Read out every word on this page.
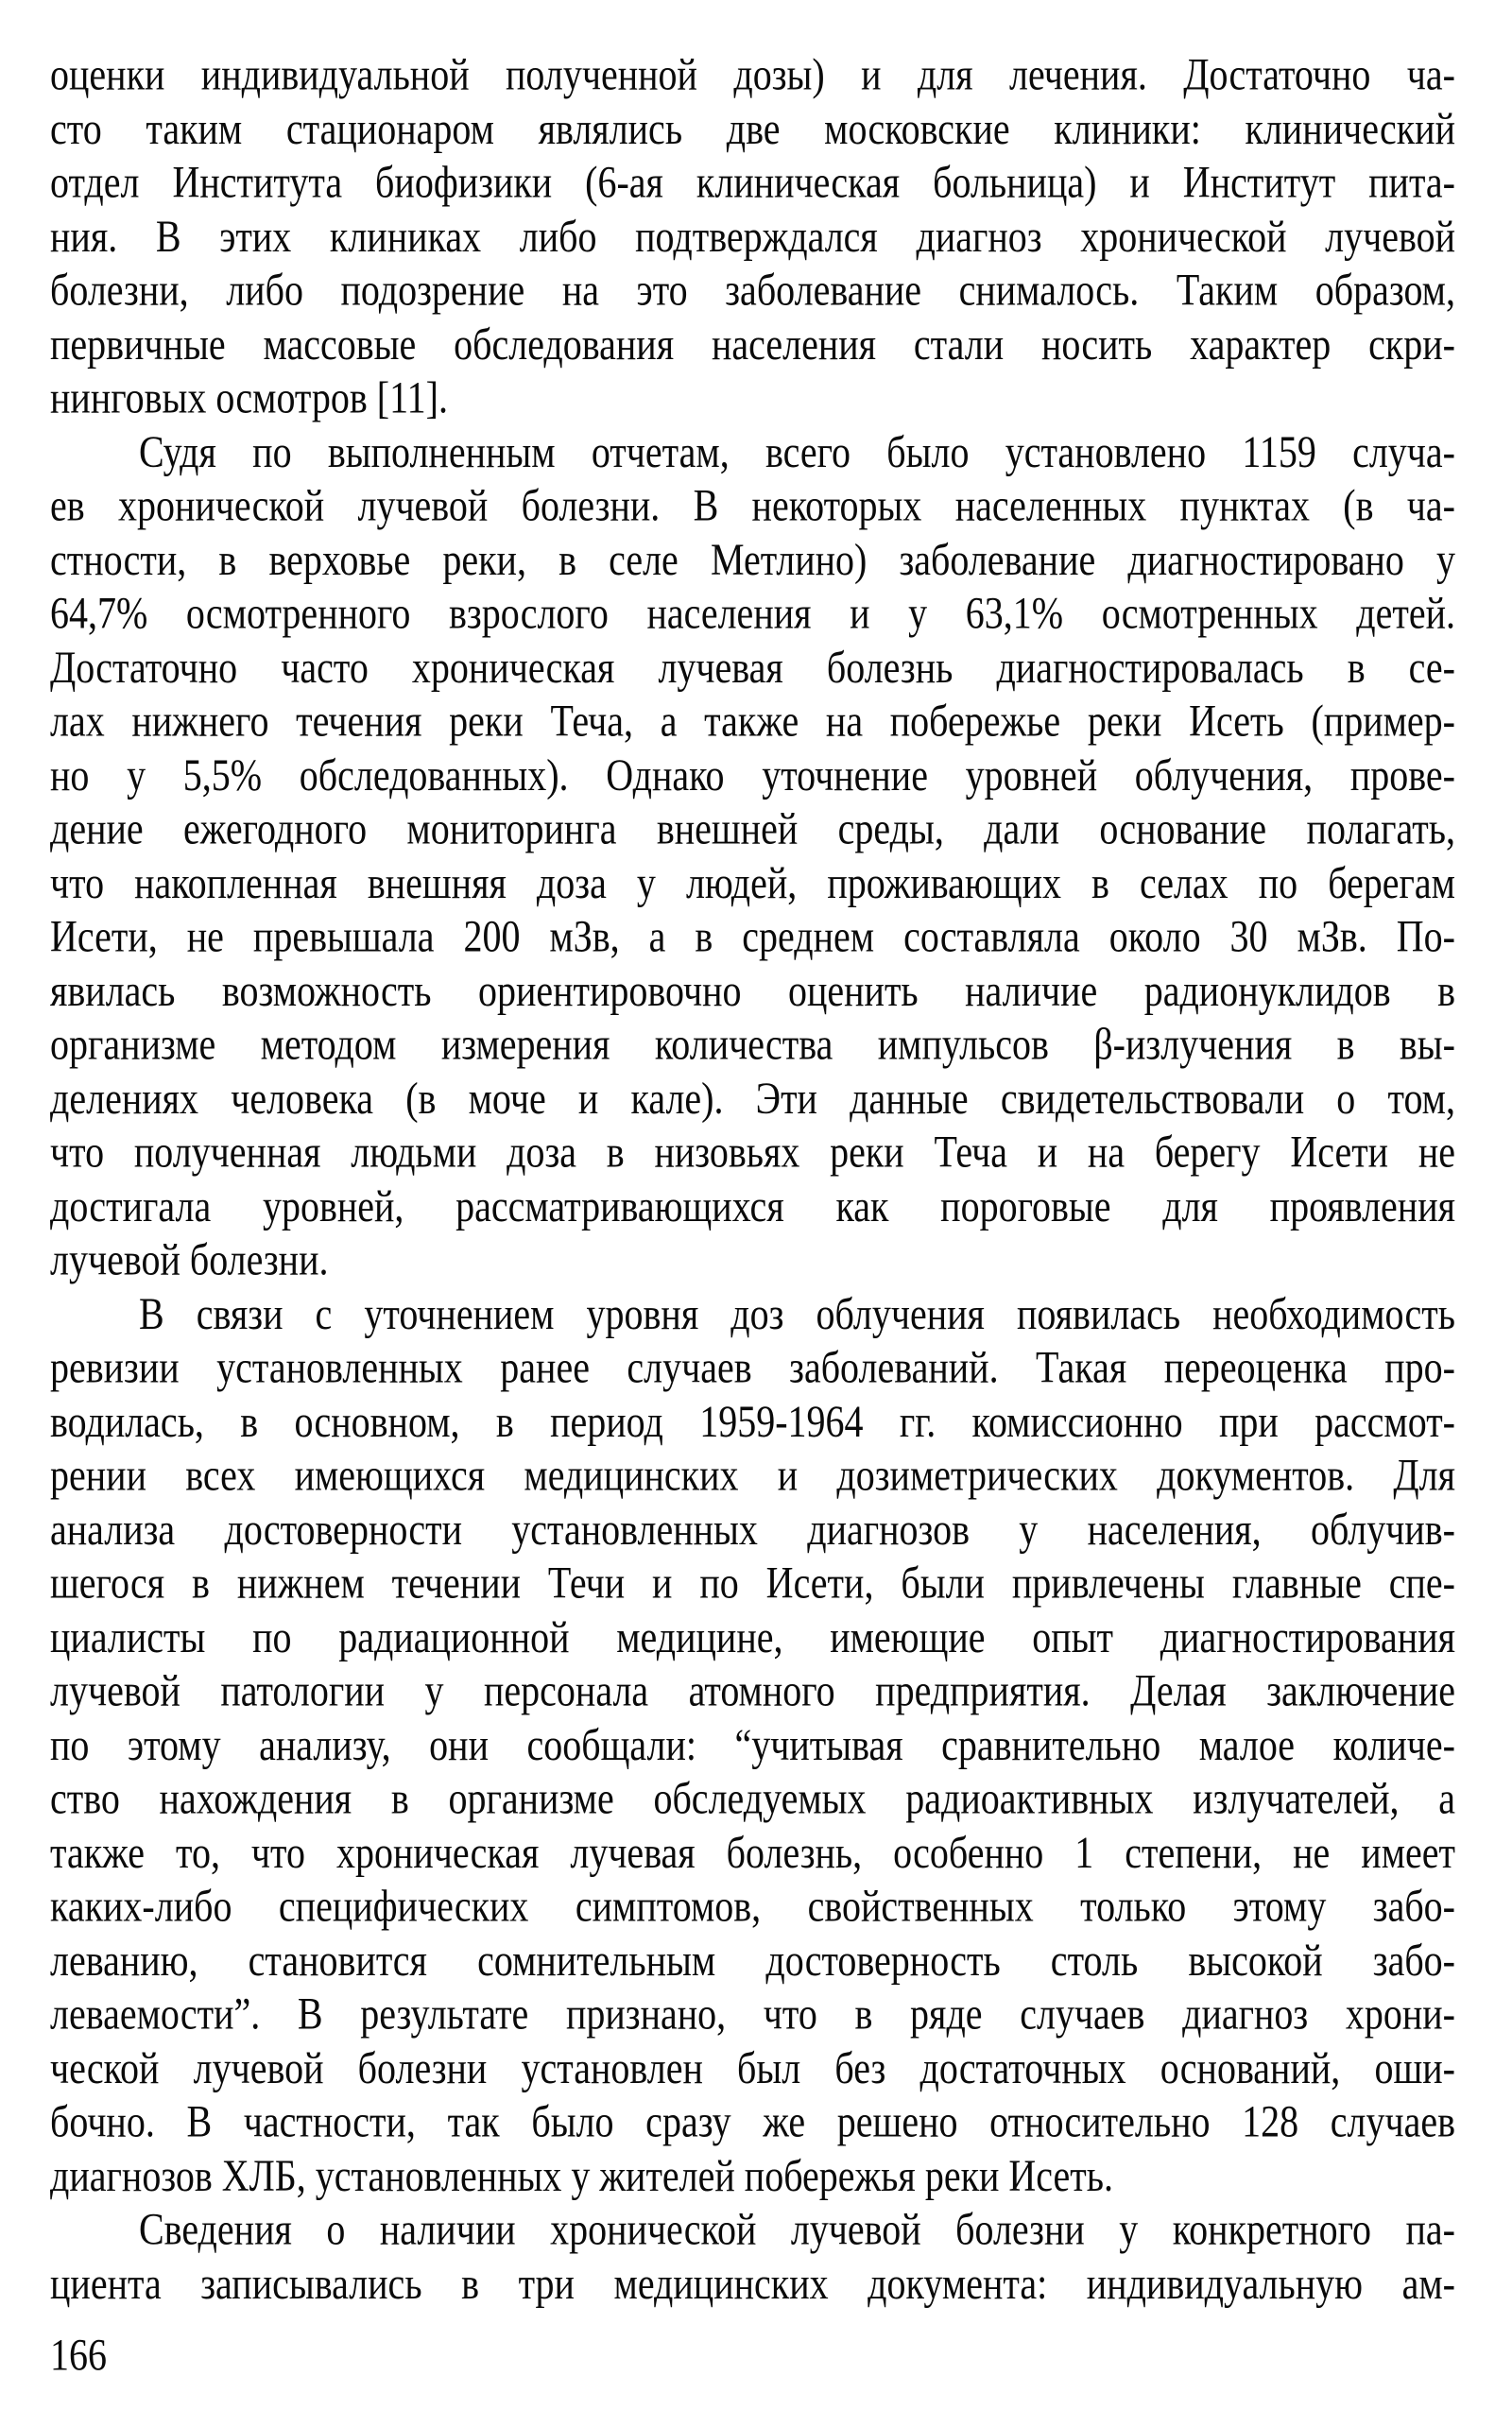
оценки индивидуальной полученной дозы) и для лечения. Достаточно ча-
сто таким стационаром являлись две московские клиники: клинический
отдел Института биофизики (6-ая клиническая больница) и Институт пита-
ния. В этих клиниках либо подтверждался диагноз хронической лучевой
болезни, либо подозрение на это заболевание снималось. Таким образом,
первичные массовые обследования населения стали носить характер скри-
нинговых осмотров [11].
Судя по выполненным отчетам, всего было установлено 1159 случа-
ев хронической лучевой болезни. В некоторых населенных пунктах (в ча-
стности, в верховье реки, в селе Метлино) заболевание диагностировано у
64,7% осмотренного взрослого населения и у 63,1% осмотренных детей.
Достаточно часто хроническая лучевая болезнь диагностировалась в се-
лах нижнего течения реки Теча, а также на побережье реки Исеть (пример-
но у 5,5% обследованных). Однако уточнение уровней облучения, прове-
дение ежегодного мониторинга внешней среды, дали основание полагать,
что накопленная внешняя доза у людей, проживающих в селах по берегам
Исети, не превышала 200 мЗв, а в среднем составляла около 30 мЗв. По-
явилась возможность ориентировочно оценить наличие радионуклидов в
организме методом измерения количества импульсов β-излучения в вы-
делениях человека (в моче и кале). Эти данные свидетельствовали о том,
что полученная людьми доза в низовьях реки Теча и на берегу Исети не
достигала уровней, рассматривающихся как пороговые для проявления
лучевой болезни.
В связи с уточнением уровня доз облучения появилась необходимость
ревизии установленных ранее случаев заболеваний. Такая переоценка про-
водилась, в основном, в период 1959-1964 гг. комиссионно при рассмот-
рении всех имеющихся медицинских и дозиметрических документов. Для
анализа достоверности установленных диагнозов у населения, облучив-
шегося в нижнем течении Течи и по Исети, были привлечены главные спе-
циалисты по радиационной медицине, имеющие опыт диагностирования
лучевой патологии у персонала атомного предприятия. Делая заключение
по этому анализу, они сообщали: “учитывая сравнительно малое количе-
ство нахождения в организме обследуемых радиоактивных излучателей, а
также то, что хроническая лучевая болезнь, особенно 1 степени, не имеет
каких-либо специфических симптомов, свойственных только этому забо-
леванию, становится сомнительным достоверность столь высокой забо-
леваемости”. В результате признано, что в ряде случаев диагноз хрони-
ческой лучевой болезни установлен был без достаточных оснований, оши-
бочно. В частности, так было сразу же решено относительно 128 случаев
диагнозов ХЛБ, установленных у жителей побережья реки Исеть.
Сведения о наличии хронической лучевой болезни у конкретного па-
циента записывались в три медицинских документа: индивидуальную ам-
166
